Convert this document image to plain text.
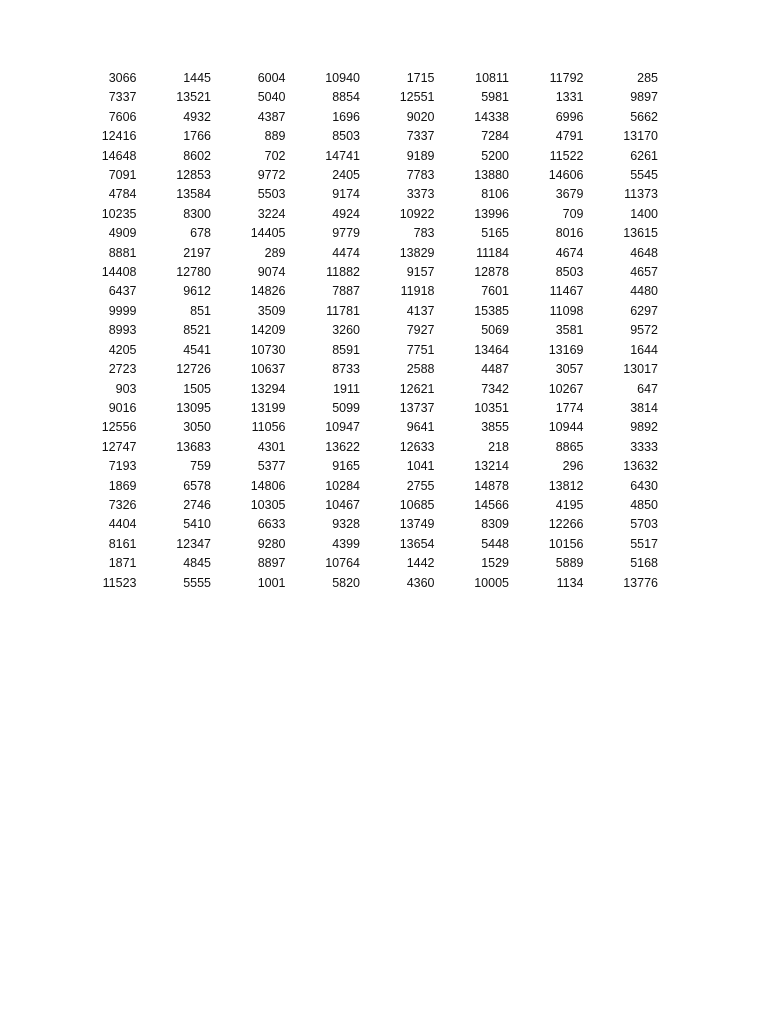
3066	1445	6004	10940	1715	10811	11792	285
7337	13521	5040	8854	12551	5981	1331	9897
7606	4932	4387	1696	9020	14338	6996	5662
12416	1766	889	8503	7337	7284	4791	13170
14648	8602	702	14741	9189	5200	11522	6261
7091	12853	9772	2405	7783	13880	14606	5545
4784	13584	5503	9174	3373	8106	3679	11373
10235	8300	3224	4924	10922	13996	709	1400
4909	678	14405	9779	783	5165	8016	13615
8881	2197	289	4474	13829	11184	4674	4648
14408	12780	9074	11882	9157	12878	8503	4657
6437	9612	14826	7887	11918	7601	11467	4480
9999	851	3509	11781	4137	15385	11098	6297
8993	8521	14209	3260	7927	5069	3581	9572
4205	4541	10730	8591	7751	13464	13169	1644
2723	12726	10637	8733	2588	4487	3057	13017
903	1505	13294	1911	12621	7342	10267	647
9016	13095	13199	5099	13737	10351	1774	3814
12556	3050	11056	10947	9641	3855	10944	9892
12747	13683	4301	13622	12633	218	8865	3333
7193	759	5377	9165	1041	13214	296	13632
1869	6578	14806	10284	2755	14878	13812	6430
7326	2746	10305	10467	10685	14566	4195	4850
4404	5410	6633	9328	13749	8309	12266	5703
8161	12347	9280	4399	13654	5448	10156	5517
1871	4845	8897	10764	1442	1529	5889	5168
11523	5555	1001	5820	4360	10005	1134	13776
